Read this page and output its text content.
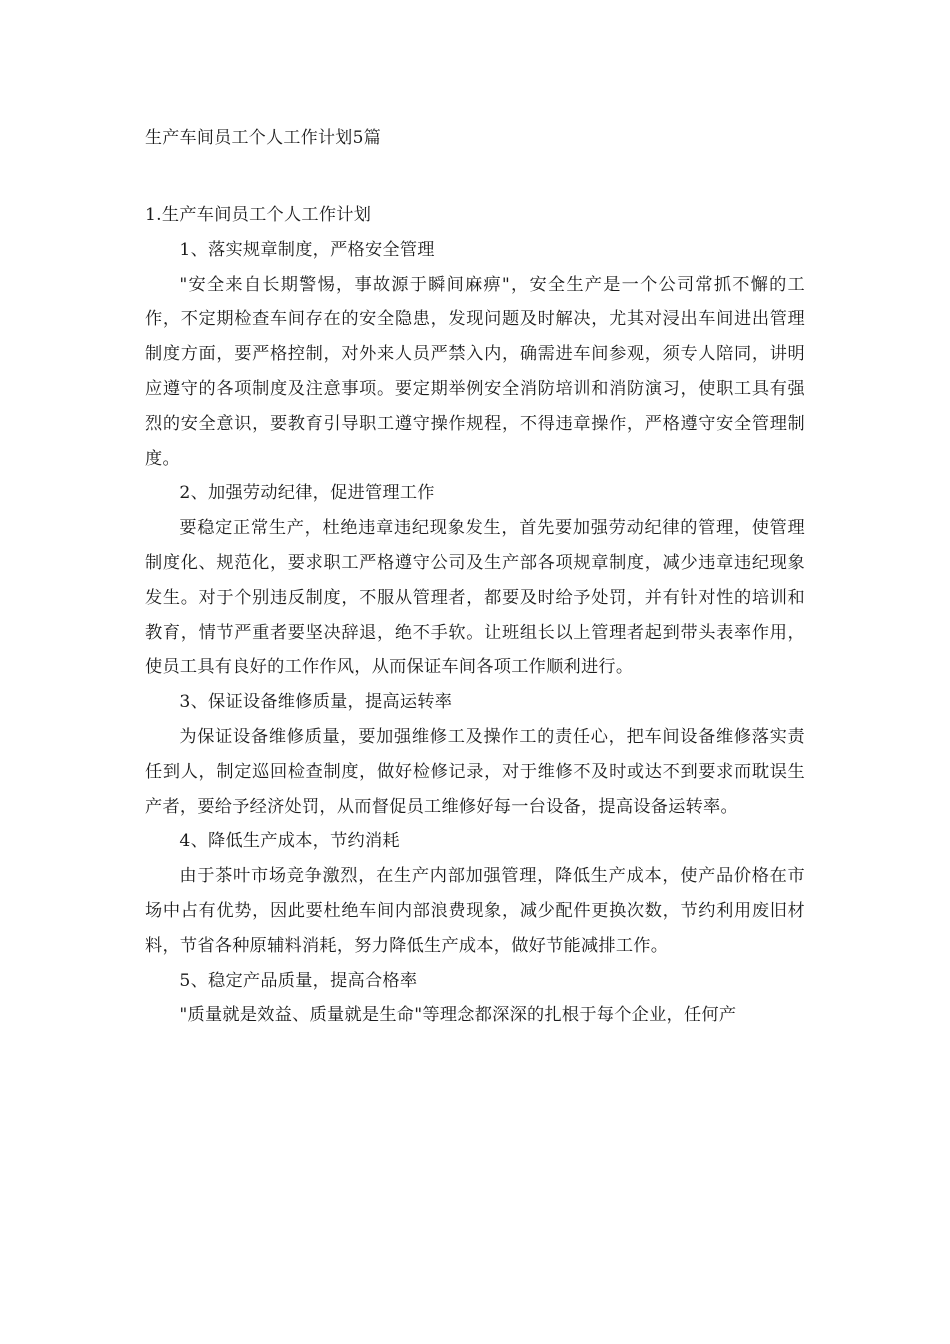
生产车间员工个人工作计划5篇
1.生产车间员工个人工作计划

1、落实规章制度，严格安全管理

"安全来自长期警惕，事故源于瞬间麻痹"，安全生产是一个公司常抓不懈的工作，不定期检查车间存在的安全隐患，发现问题及时解决，尤其对浸出车间进出管理制度方面，要严格控制，对外来人员严禁入内，确需进车间参观，须专人陪同，讲明应遵守的各项制度及注意事项。要定期举例安全消防培训和消防演习，使职工具有强烈的安全意识，要教育引导职工遵守操作规程，不得违章操作，严格遵守安全管理制度。

2、加强劳动纪律，促进管理工作

要稳定正常生产，杜绝违章违纪现象发生，首先要加强劳动纪律的管理，使管理制度化、规范化，要求职工严格遵守公司及生产部各项规章制度，减少违章违纪现象发生。对于个别违反制度，不服从管理者，都要及时给予处罚，并有针对性的培训和教育，情节严重者要坚决辞退，绝不手软。让班组长以上管理者起到带头表率作用，使员工具有良好的工作作风，从而保证车间各项工作顺利进行。

3、保证设备维修质量，提高运转率

为保证设备维修质量，要加强维修工及操作工的责任心，把车间设备维修落实责任到人，制定巡回检查制度，做好检修记录，对于维修不及时或达不到要求而耽误生产者，要给予经济处罚，从而督促员工维修好每一台设备，提高设备运转率。

4、降低生产成本，节约消耗

由于茶叶市场竞争激烈，在生产内部加强管理，降低生产成本，使产品价格在市场中占有优势，因此要杜绝车间内部浪费现象，减少配件更换次数，节约利用废旧材料，节省各种原辅料消耗，努力降低生产成本，做好节能减排工作。

5、稳定产品质量，提高合格率

"质量就是效益、质量就是生命"等理念都深深的扎根于每个企业，任何产
